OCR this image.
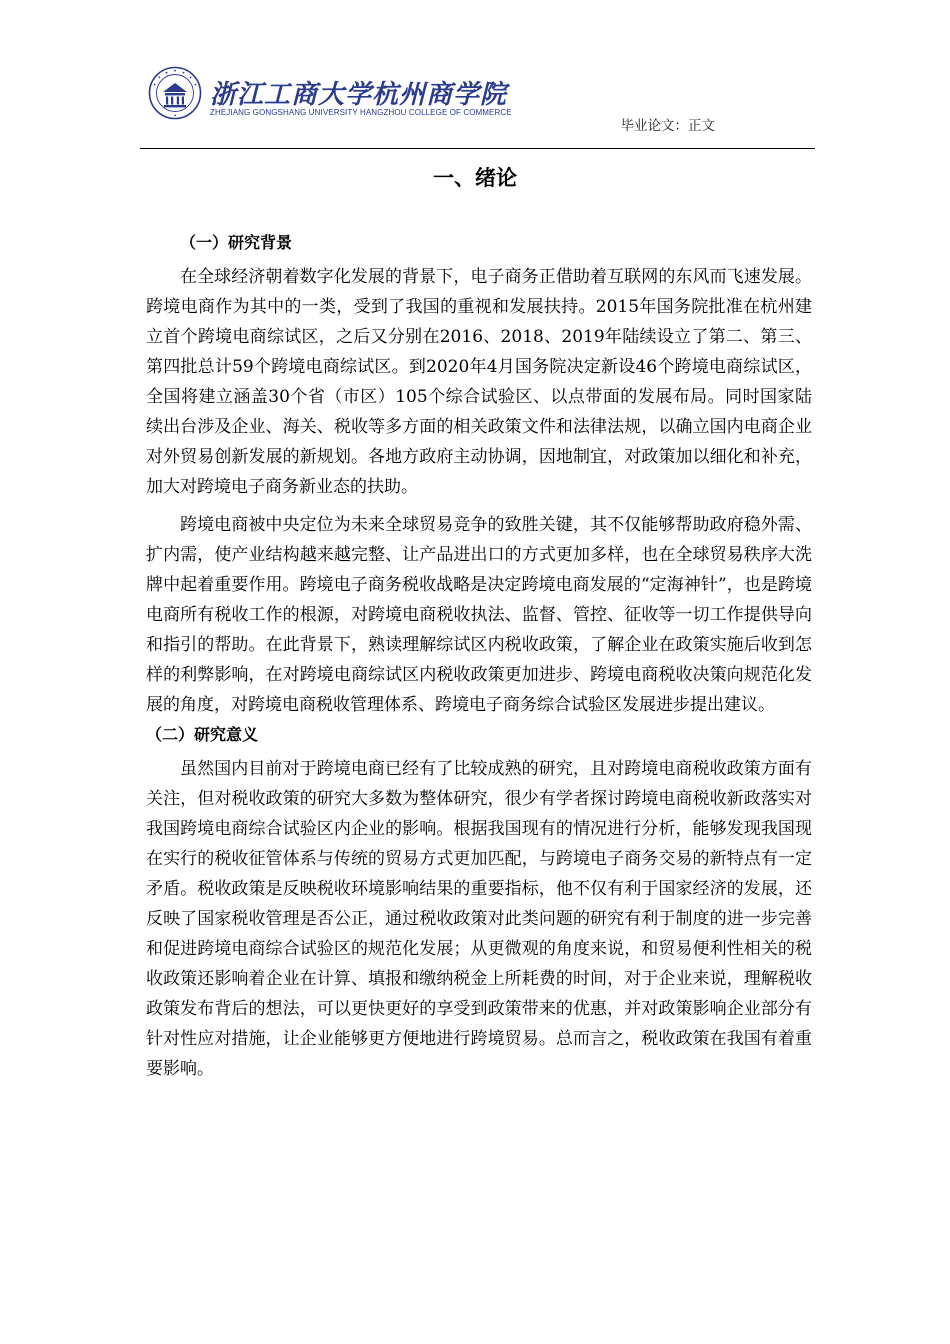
浙江工商大学杭州商学院
ZHEJIANG GONGSHANG UNIVERSITY HANGZHOU COLLEGE OF COMMERCE
毕业论文：正文
一、绪论
（一）研究背景

在全球经济朝着数字化发展的背景下，电子商务正借助着互联网的东风而飞速发展。跨境电商作为其中的一类，受到了我国的重视和发展扶持。2015年国务院批准在杭州建立首个跨境电商综试区，之后又分别在2016、2018、2019年陆续设立了第二、第三、第四批总计59个跨境电商综试区。到2020年4月国务院决定新设46个跨境电商综试区，全国将建立涵盖30个省（市区）105个综合试验区、以点带面的发展布局。同时国家陆续出台涉及企业、海关、税收等多方面的相关政策文件和法律法规，以确立国内电商企业对外贸易创新发展的新规划。各地方政府主动协调，因地制宜，对政策加以细化和补充，加大对跨境电子商务新业态的扶助。

跨境电商被中央定位为未来全球贸易竞争的致胜关键，其不仅能够帮助政府稳外需、扩内需，使产业结构越来越完整、让产品进出口的方式更加多样，也在全球贸易秩序大洗牌中起着重要作用。跨境电子商务税收战略是决定跨境电商发展的“定海神针”，也是跨境电商所有税收工作的根源，对跨境电商税收执法、监督、管控、征收等一切工作提供导向和指引的帮助。在此背景下，熟读理解综试区内税收政策，了解企业在政策实施后收到怎样的利弊影响，在对跨境电商综试区内税收政策更加进步、跨境电商税收决策向规范化发展的角度，对跨境电商税收管理体系、跨境电子商务综合试验区发展进步提出建议。

（二）研究意义

虽然国内目前对于跨境电商已经有了比较成熟的研究，且对跨境电商税收政策方面有关注，但对税收政策的研究大多数为整体研究，很少有学者探讨跨境电商税收新政落实对我国跨境电商综合试验区内企业的影响。根据我国现有的情况进行分析，能够发现我国现在实行的税收征管体系与传统的贸易方式更加匹配，与跨境电子商务交易的新特点有一定矛盾。税收政策是反映税收环境影响结果的重要指标，他不仅有利于国家经济的发展，还反映了国家税收管理是否公正，通过税收政策对此类问题的研究有利于制度的进一步完善和促进跨境电商综合试验区的规范化发展；从更微观的角度来说，和贸易便利性相关的税收政策还影响着企业在计算、填报和缴纳税金上所耗费的时间，对于企业来说，理解税收政策发布背后的想法，可以更快更好的享受到政策带来的优惠，并对政策影响企业部分有针对性应对措施，让企业能够更方便地进行跨境贸易。总而言之，税收政策在我国有着重要影响。
